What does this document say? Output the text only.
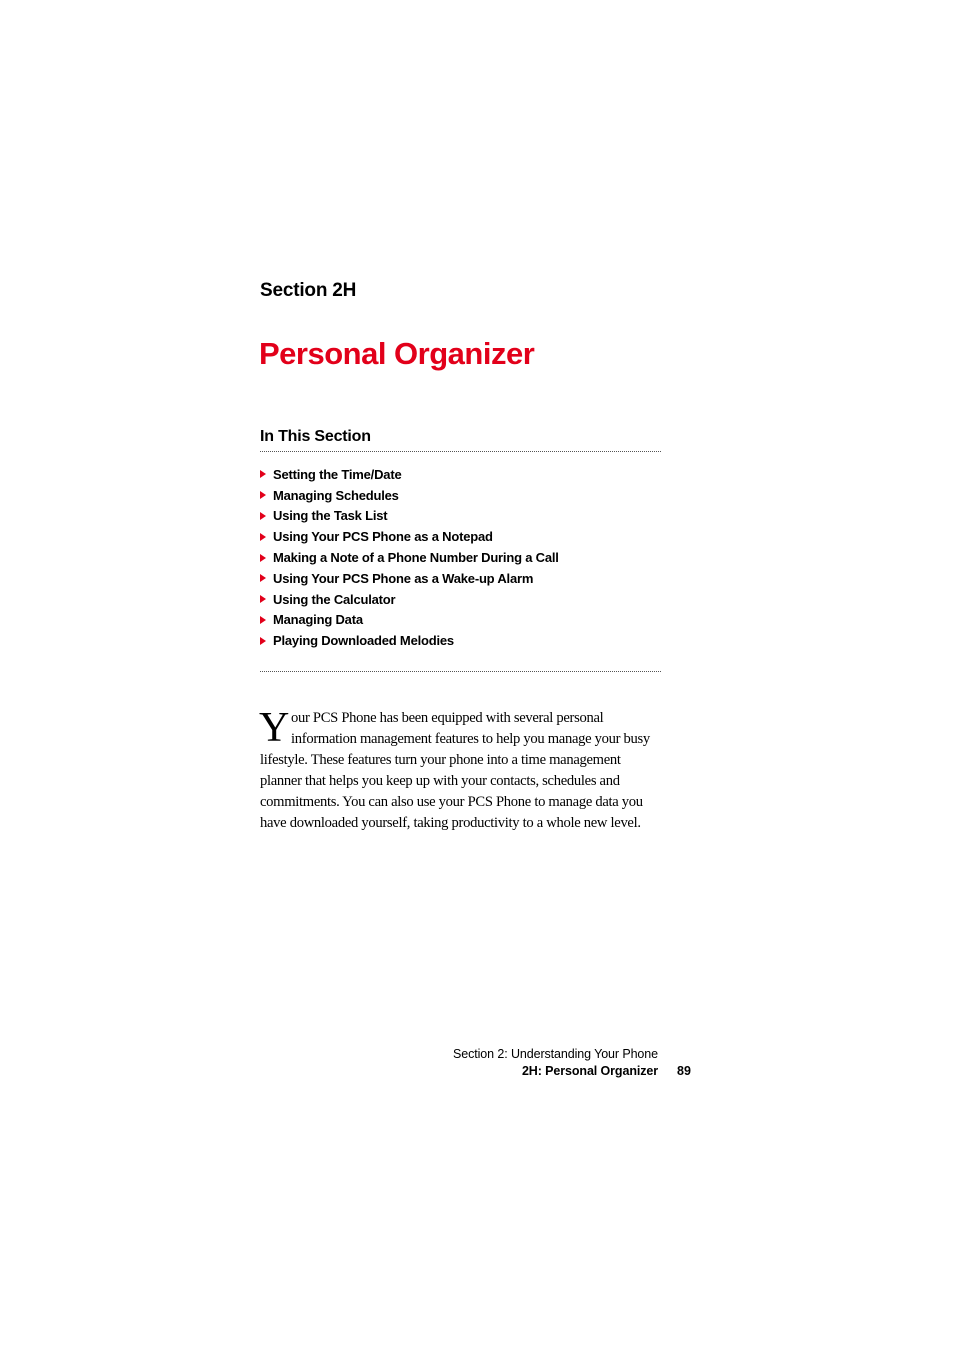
Section 2H
Personal Organizer
In This Section
Setting the Time/Date
Managing Schedules
Using the Task List
Using Your PCS Phone as a Notepad
Making a Note of a Phone Number During a Call
Using Your PCS Phone as a Wake-up Alarm
Using the Calculator
Managing Data
Playing Downloaded Melodies

Your PCS Phone has been equipped with several personal information management features to help you manage your busy lifestyle. These features turn your phone into a time management planner that helps you keep up with your contacts, schedules and commitments. You can also use your PCS Phone to manage data you have downloaded yourself, taking productivity to a whole new level.

Section 2: Understanding Your Phone
2H: Personal Organizer 89
